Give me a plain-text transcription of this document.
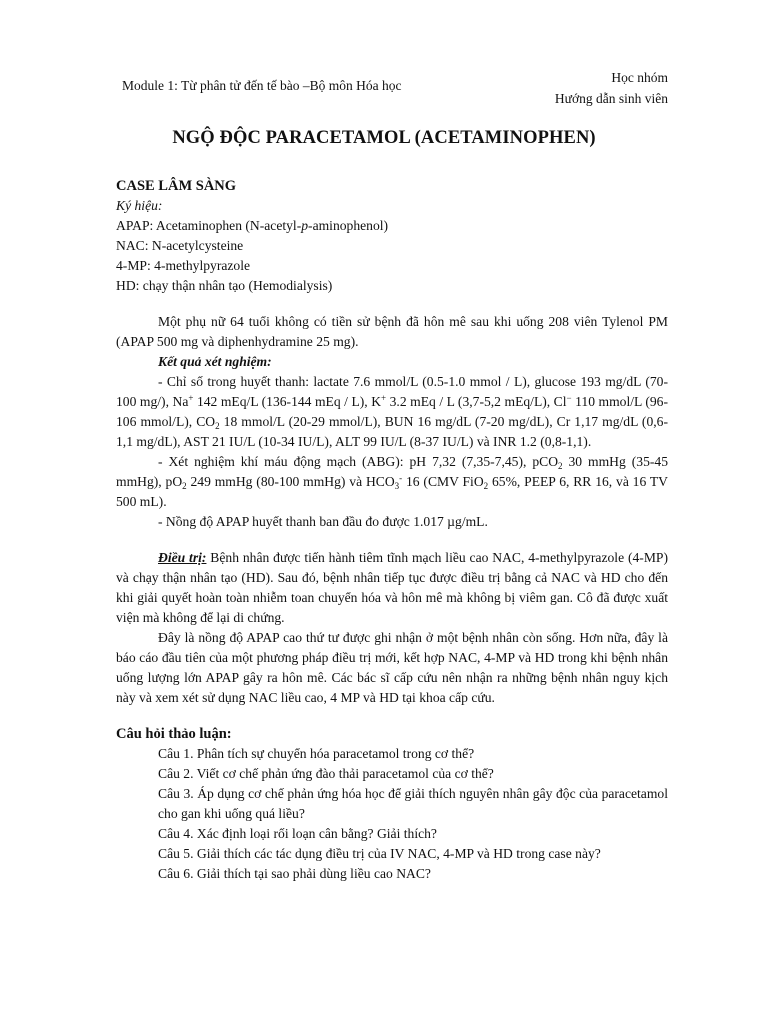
Module 1: Từ phân tử đến tế bào –Bộ môn Hóa học
Học nhóm
Hướng dẫn sinh viên
NGỘ ĐỘC PARACETAMOL (ACETAMINOPHEN)

CASE LÂM SÀNG

Ký hiệu:

APAP: Acetaminophen (N-acetyl-p-aminophenol)

NAC: N-acetylcysteine

4-MP: 4-methylpyrazole

HD: chạy thận nhân tạo (Hemodialysis)

Một phụ nữ 64 tuổi không có tiền sử bệnh đã hôn mê sau khi uống 208 viên Tylenol PM (APAP 500 mg và diphenhydramine 25 mg).

Kết quả xét nghiệm:

- Chỉ số trong huyết thanh: lactate 7.6 mmol/L (0.5-1.0 mmol / L), glucose 193 mg/dL (70-100 mg/), Na+ 142 mEq/L (136-144 mEq / L), K+ 3.2 mEq / L (3,7-5,2 mEq/L), Cl− 110 mmol/L (96-106 mmol/L), $CO_2$ 18 mmol/L (20-29 mmol/L), BUN 16 mg/dL (7-20 mg/dL), Cr 1,17 mg/dL (0,6-1,1 mg/dL), AST 21 IU/L (10-34 IU/L), ALT 99 IU/L (8-37 IU/L) và INR 1.2 (0,8-1,1).

- Xét nghiệm khí máu động mạch (ABG): pH 7,32 (7,35-7,45), pCO$_2$ 30 mmHg (35-45 mmHg), $pO_2$ 249 mmHg (80-100 mmHg) và $HCO_3^-$ 16 (CMV FiO$_2$ 65%, PEEP 6, RR 16, và 16 TV 500 mL).

- Nồng độ APAP huyết thanh ban đầu đo được 1.017 µg/mL.

Điều trị: Bệnh nhân được tiến hành tiêm tĩnh mạch liều cao NAC, 4-methylpyrazole (4-MP) và chạy thận nhân tạo (HD). Sau đó, bệnh nhân tiếp tục được điều trị bằng cả NAC và HD cho đến khi giải quyết hoàn toàn nhiễm toan chuyển hóa và hôn mê mà không bị viêm gan. Cô đã được xuất viện mà không để lại di chứng.

Đây là nồng độ APAP cao thứ tư được ghi nhận ở một bệnh nhân còn sống. Hơn nữa, đây là báo cáo đầu tiên của một phương pháp điều trị mới, kết hợp NAC, 4-MP và HD trong khi bệnh nhân uống lượng lớn APAP gây ra hôn mê. Các bác sĩ cấp cứu nên nhận ra những bệnh nhân nguy kịch này và xem xét sử dụng NAC liều cao, 4 MP và HD tại khoa cấp cứu.

Câu hỏi thảo luận:

Câu 1. Phân tích sự chuyển hóa paracetamol trong cơ thể?

Câu 2. Viết cơ chế phản ứng đào thải paracetamol của cơ thể?

Câu 3. Áp dụng cơ chế phản ứng hóa học để giải thích nguyên nhân gây độc của paracetamol cho gan khi uống quá liều?

Câu 4. Xác định loại rối loạn cân bằng? Giải thích?

Câu 5. Giải thích các tác dụng điều trị của IV NAC, 4-MP và HD trong case này?

Câu 6. Giải thích tại sao phải dùng liều cao NAC?
